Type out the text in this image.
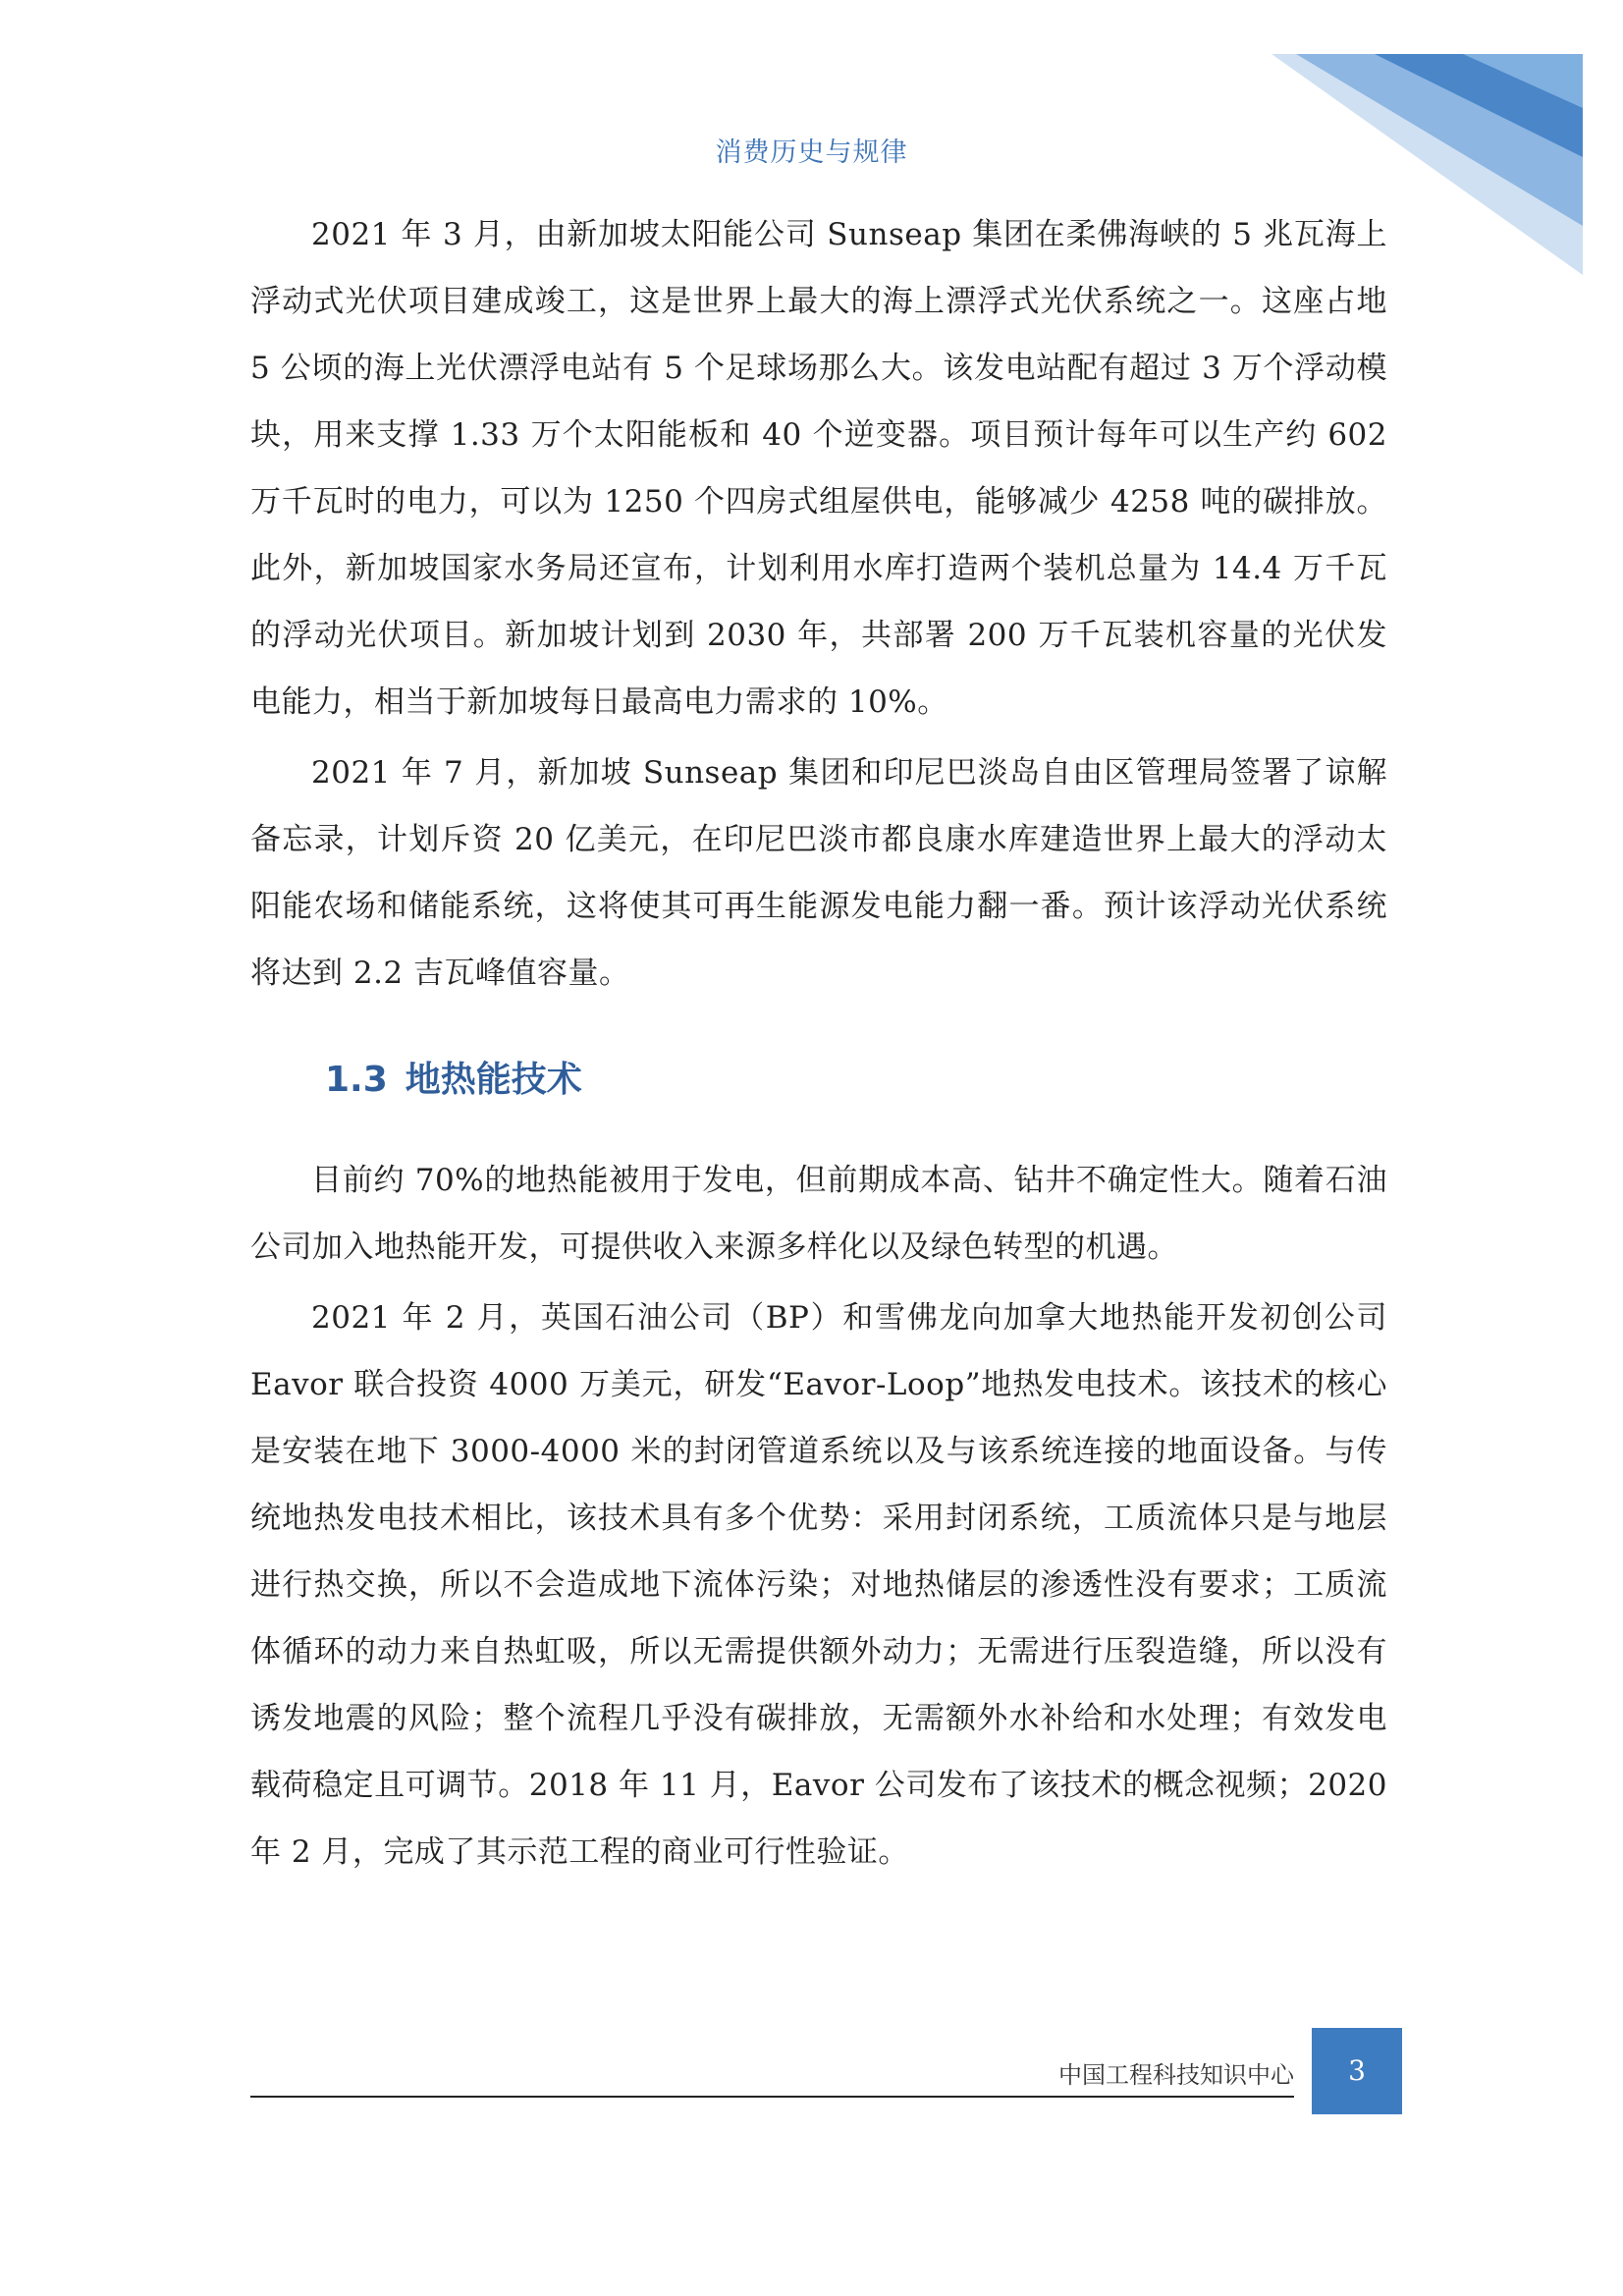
消费历史与规律

2021 年 3 月，由新加坡太阳能公司 Sunseap 集团在柔佛海峡的 5 兆瓦海上浮动式光伏项目建成竣工，这是世界上最大的海上漂浮式光伏系统之一。这座占地 5 公顷的海上光伏漂浮电站有 5 个足球场那么大。该发电站配有超过 3 万个浮动模块，用来支撑 1.33 万个太阳能板和 40 个逆变器。项目预计每年可以生产约 602 万千瓦时的电力，可以为 1250 个四房式组屋供电，能够减少 4258 吨的碳排放。此外，新加坡国家水务局还宣布，计划利用水库打造两个装机总量为 14.4 万千瓦的浮动光伏项目。新加坡计划到 2030 年，共部署 200 万千瓦装机容量的光伏发电能力，相当于新加坡每日最高电力需求的 10%。

2021 年 7 月，新加坡 Sunseap 集团和印尼巴淡岛自由区管理局签署了谅解备忘录，计划斥资 20 亿美元，在印尼巴淡市都良康水库建造世界上最大的浮动太阳能农场和储能系统，这将使其可再生能源发电能力翻一番。预计该浮动光伏系统将达到 2.2 吉瓦峰值容量。

1.3 地热能技术

目前约 70%的地热能被用于发电，但前期成本高、钻井不确定性大。随着石油公司加入地热能开发，可提供收入来源多样化以及绿色转型的机遇。

2021 年 2 月，英国石油公司（BP）和雪佛龙向加拿大地热能开发初创公司 Eavor 联合投资 4000 万美元，研发“Eavor-Loop”地热发电技术。该技术的核心是安装在地下 3000-4000 米的封闭管道系统以及与该系统连接的地面设备。与传统地热发电技术相比，该技术具有多个优势：采用封闭系统，工质流体只是与地层进行热交换，所以不会造成地下流体污染；对地热储层的渗透性没有要求；工质流体循环的动力来自热虹吸，所以无需提供额外动力；无需进行压裂造缝，所以没有诱发地震的风险；整个流程几乎没有碳排放，无需额外水补给和水处理；有效发电载荷稳定且可调节。2018 年 11 月，Eavor 公司发布了该技术的概念视频；2020 年 2 月，完成了其示范工程的商业可行性验证。

中国工程科技知识中心	3
